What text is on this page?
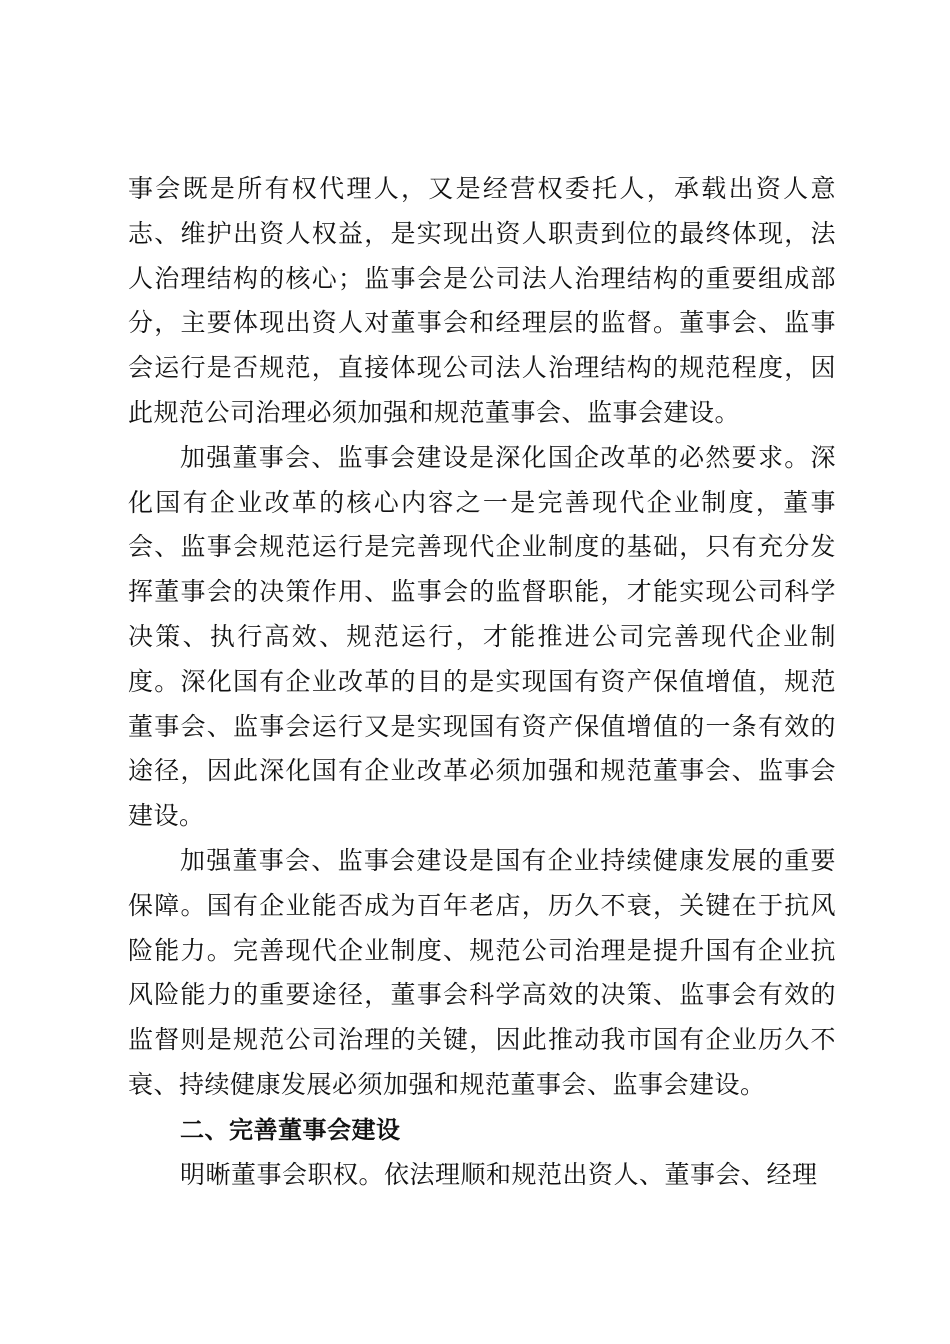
事会既是所有权代理人，又是经营权委托人，承载出资人意志、维护出资人权益，是实现出资人职责到位的最终体现，法人治理结构的核心；监事会是公司法人治理结构的重要组成部分，主要体现出资人对董事会和经理层的监督。董事会、监事会运行是否规范，直接体现公司法人治理结构的规范程度，因此规范公司治理必须加强和规范董事会、监事会建设。

加强董事会、监事会建设是深化国企改革的必然要求。深化国有企业改革的核心内容之一是完善现代企业制度，董事会、监事会规范运行是完善现代企业制度的基础，只有充分发挥董事会的决策作用、监事会的监督职能，才能实现公司科学决策、执行高效、规范运行，才能推进公司完善现代企业制度。深化国有企业改革的目的是实现国有资产保值增值，规范董事会、监事会运行又是实现国有资产保值增值的一条有效的途径，因此深化国有企业改革必须加强和规范董事会、监事会建设。

加强董事会、监事会建设是国有企业持续健康发展的重要保障。国有企业能否成为百年老店，历久不衰，关键在于抗风险能力。完善现代企业制度、规范公司治理是提升国有企业抗风险能力的重要途径，董事会科学高效的决策、监事会有效的监督则是规范公司治理的关键，因此推动我市国有企业历久不衰、持续健康发展必须加强和规范董事会、监事会建设。

二、完善董事会建设

明晰董事会职权。依法理顺和规范出资人、董事会、经理
